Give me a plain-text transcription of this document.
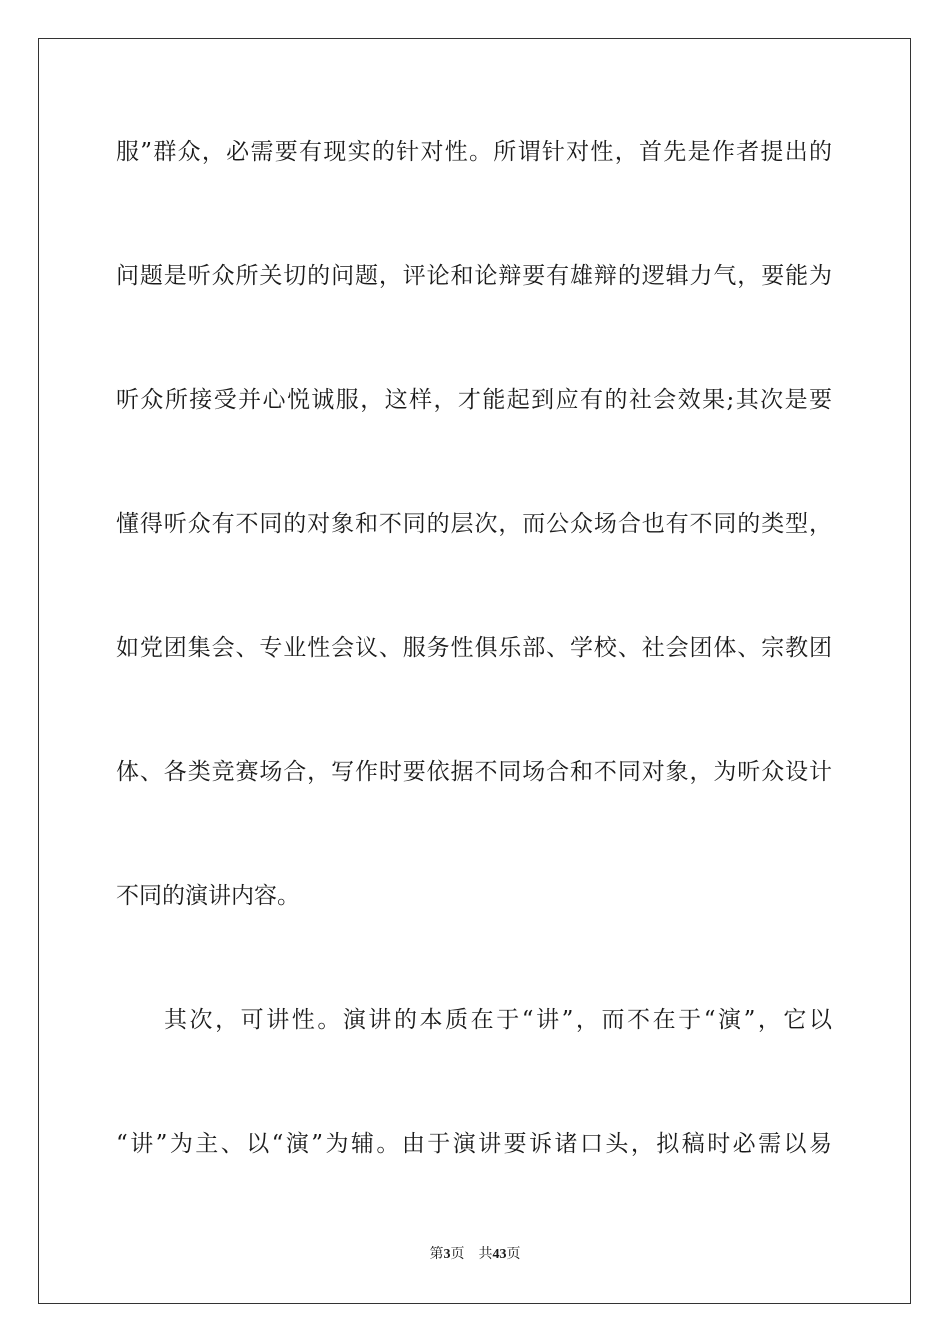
服”群众，必需要有现实的针对性。所谓针对性，首先是作者提出的
问题是听众所关切的问题，评论和论辩要有雄辩的逻辑力气，要能为
听众所接受并心悦诚服，这样，才能起到应有的社会效果;其次是要
懂得听众有不同的对象和不同的层次，而公众场合也有不同的类型，
如党团集会、专业性会议、服务性俱乐部、学校、社会团体、宗教团
体、各类竞赛场合，写作时要依据不同场合和不同对象，为听众设计
不同的演讲内容。
其次，可讲性。演讲的本质在于“讲”，而不在于“演”，它以
“讲”为主、以“演”为辅。由于演讲要诉诸口头，拟稿时必需以易
第3页 共43页
